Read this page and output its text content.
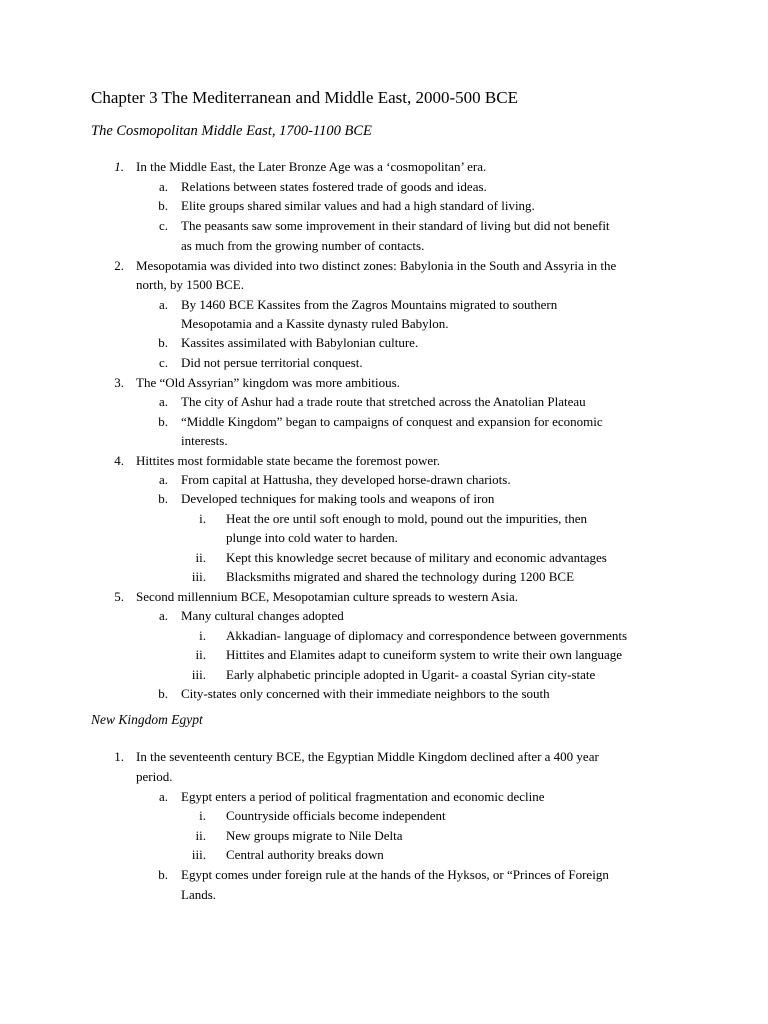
Chapter 3 The Mediterranean and Middle East, 2000-500 BCE
The Cosmopolitan Middle East, 1700-1100 BCE
1. In the Middle East, the Later Bronze Age was a ‘cosmopolitan’ era.
a. Relations between states fostered trade of goods and ideas.
b. Elite groups shared similar values and had a high standard of living.
c. The peasants saw some improvement in their standard of living but did not benefit
as much from the growing number of contacts.
2. Mesopotamia was divided into two distinct zones: Babylonia in the South and Assyria in the
north, by 1500 BCE.
a. By 1460 BCE Kassites from the Zagros Mountains migrated to southern
Mesopotamia and a Kassite dynasty ruled Babylon.
b. Kassites assimilated with Babylonian culture.
c. Did not persue territorial conquest.
3. The “Old Assyrian” kingdom was more ambitious.
a. The city of Ashur had a trade route that stretched across the Anatolian Plateau
b. “Middle Kingdom” began to campaigns of conquest and expansion for economic
interests.
4. Hittites most formidable state became the foremost power.
a. From capital at Hattusha, they developed horse-drawn chariots.
b. Developed techniques for making tools and weapons of iron
i. Heat the ore until soft enough to mold, pound out the impurities, then
plunge into cold water to harden.
ii. Kept this knowledge secret because of military and economic advantages
iii. Blacksmiths migrated and shared the technology during 1200 BCE
5. Second millennium BCE, Mesopotamian culture spreads to western Asia.
a. Many cultural changes adopted
i. Akkadian- language of diplomacy and correspondence between governments
ii. Hittites and Elamites adapt to cuneiform system to write their own language
iii. Early alphabetic principle adopted in Ugarit- a coastal Syrian city-state
b. City-states only concerned with their immediate neighbors to the south
New Kingdom Egypt
1. In the seventeenth century BCE, the Egyptian Middle Kingdom declined after a 400 year
period.
a. Egypt enters a period of political fragmentation and economic decline
i. Countryside officials become independent
ii. New groups migrate to Nile Delta
iii. Central authority breaks down
b. Egypt comes under foreign rule at the hands of the Hyksos, or “Princes of Foreign
Lands.
